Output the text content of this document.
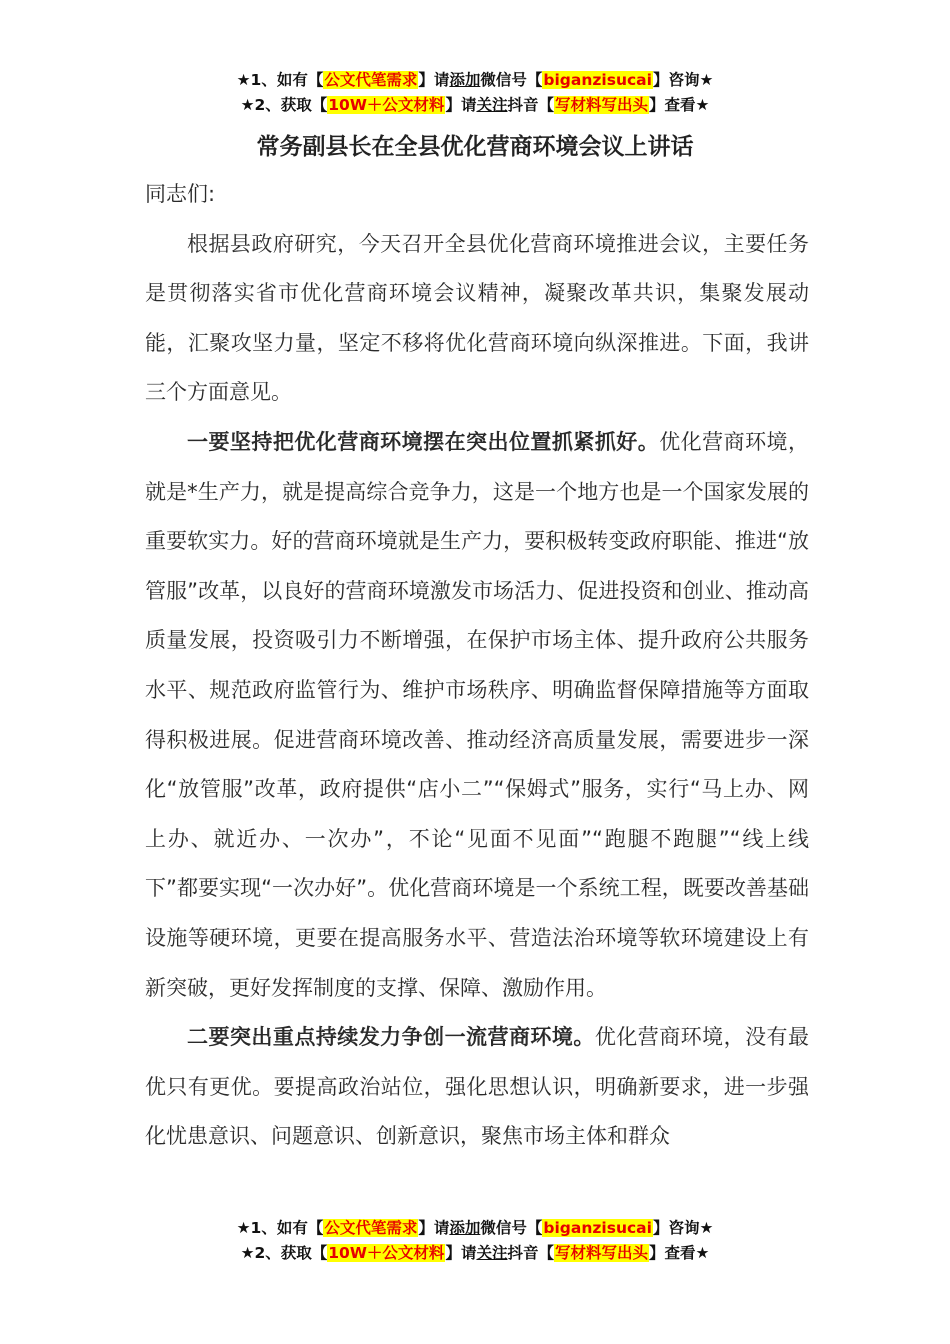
★1、如有【公文代笔需求】请添加微信号【biganzisucai】咨询★
★2、获取【10W＋公文材料】请关注抖音【写材料写出头】查看★
常务副县长在全县优化营商环境会议上讲话

同志们:

根据县政府研究，今天召开全县优化营商环境推进会议，主要任务是贯彻落实省市优化营商环境会议精神，凝聚改革共识，集聚发展动能，汇聚攻坚力量，坚定不移将优化营商环境向纵深推进。下面，我讲三个方面意见。

一要坚持把优化营商环境摆在突出位置抓紧抓好。优化营商环境，就是*生产力，就是提高综合竞争力，这是一个地方也是一个国家发展的重要软实力。好的营商环境就是生产力，要积极转变政府职能、推进“放管服”改革，以良好的营商环境激发市场活力、促进投资和创业、推动高质量发展，投资吸引力不断增强，在保护市场主体、提升政府公共服务水平、规范政府监管行为、维护市场秩序、明确监督保障措施等方面取得积极进展。促进营商环境改善、推动经济高质量发展，需要进步一深化“放管服”改革，政府提供“店小二”“保姆式”服务，实行“马上办、网上办、就近办、一次办”，不论“见面不见面”“跑腿不跑腿”“线上线下”都要实现“一次办好”。优化营商环境是一个系统工程，既要改善基础设施等硬环境，更要在提高服务水平、营造法治环境等软环境建设上有新突破，更好发挥制度的支撑、保障、激励作用。

二要突出重点持续发力争创一流营商环境。优化营商环境，没有最优只有更优。要提高政治站位，强化思想认识，明确新要求，进一步强化忧患意识、问题意识、创新意识，聚焦市场主体和群众

★1、如有【公文代笔需求】请添加微信号【biganzisucai】咨询★
★2、获取【10W＋公文材料】请关注抖音【写材料写出头】查看★
